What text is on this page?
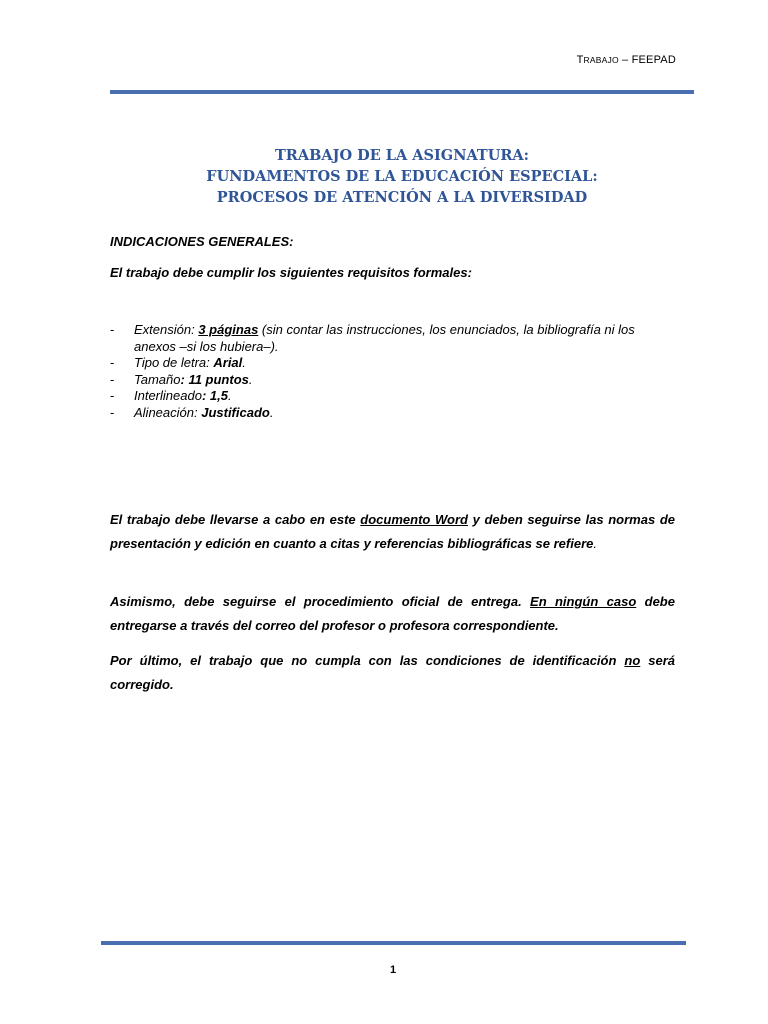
TRABAJO – FEEPAD
TRABAJO DE LA ASIGNATURA:
FUNDAMENTOS DE LA EDUCACIÓN ESPECIAL:
PROCESOS DE ATENCIÓN A LA DIVERSIDAD
INDICACIONES GENERALES:
El trabajo debe cumplir los siguientes requisitos formales:
- Extensión: 3 páginas (sin contar las instrucciones, los enunciados, la bibliografía ni los anexos –si los hubiera–).
- Tipo de letra: Arial.
- Tamaño: 11 puntos.
- Interlineado: 1,5.
- Alineación: Justificado.

El trabajo debe llevarse a cabo en este documento Word y deben seguirse las normas de presentación y edición en cuanto a citas y referencias bibliográficas se refiere.

Asimismo, debe seguirse el procedimiento oficial de entrega. En ningún caso debe entregarse a través del correo del profesor o profesora correspondiente.

Por último, el trabajo que no cumpla con las condiciones de identificación no será corregido.

1
